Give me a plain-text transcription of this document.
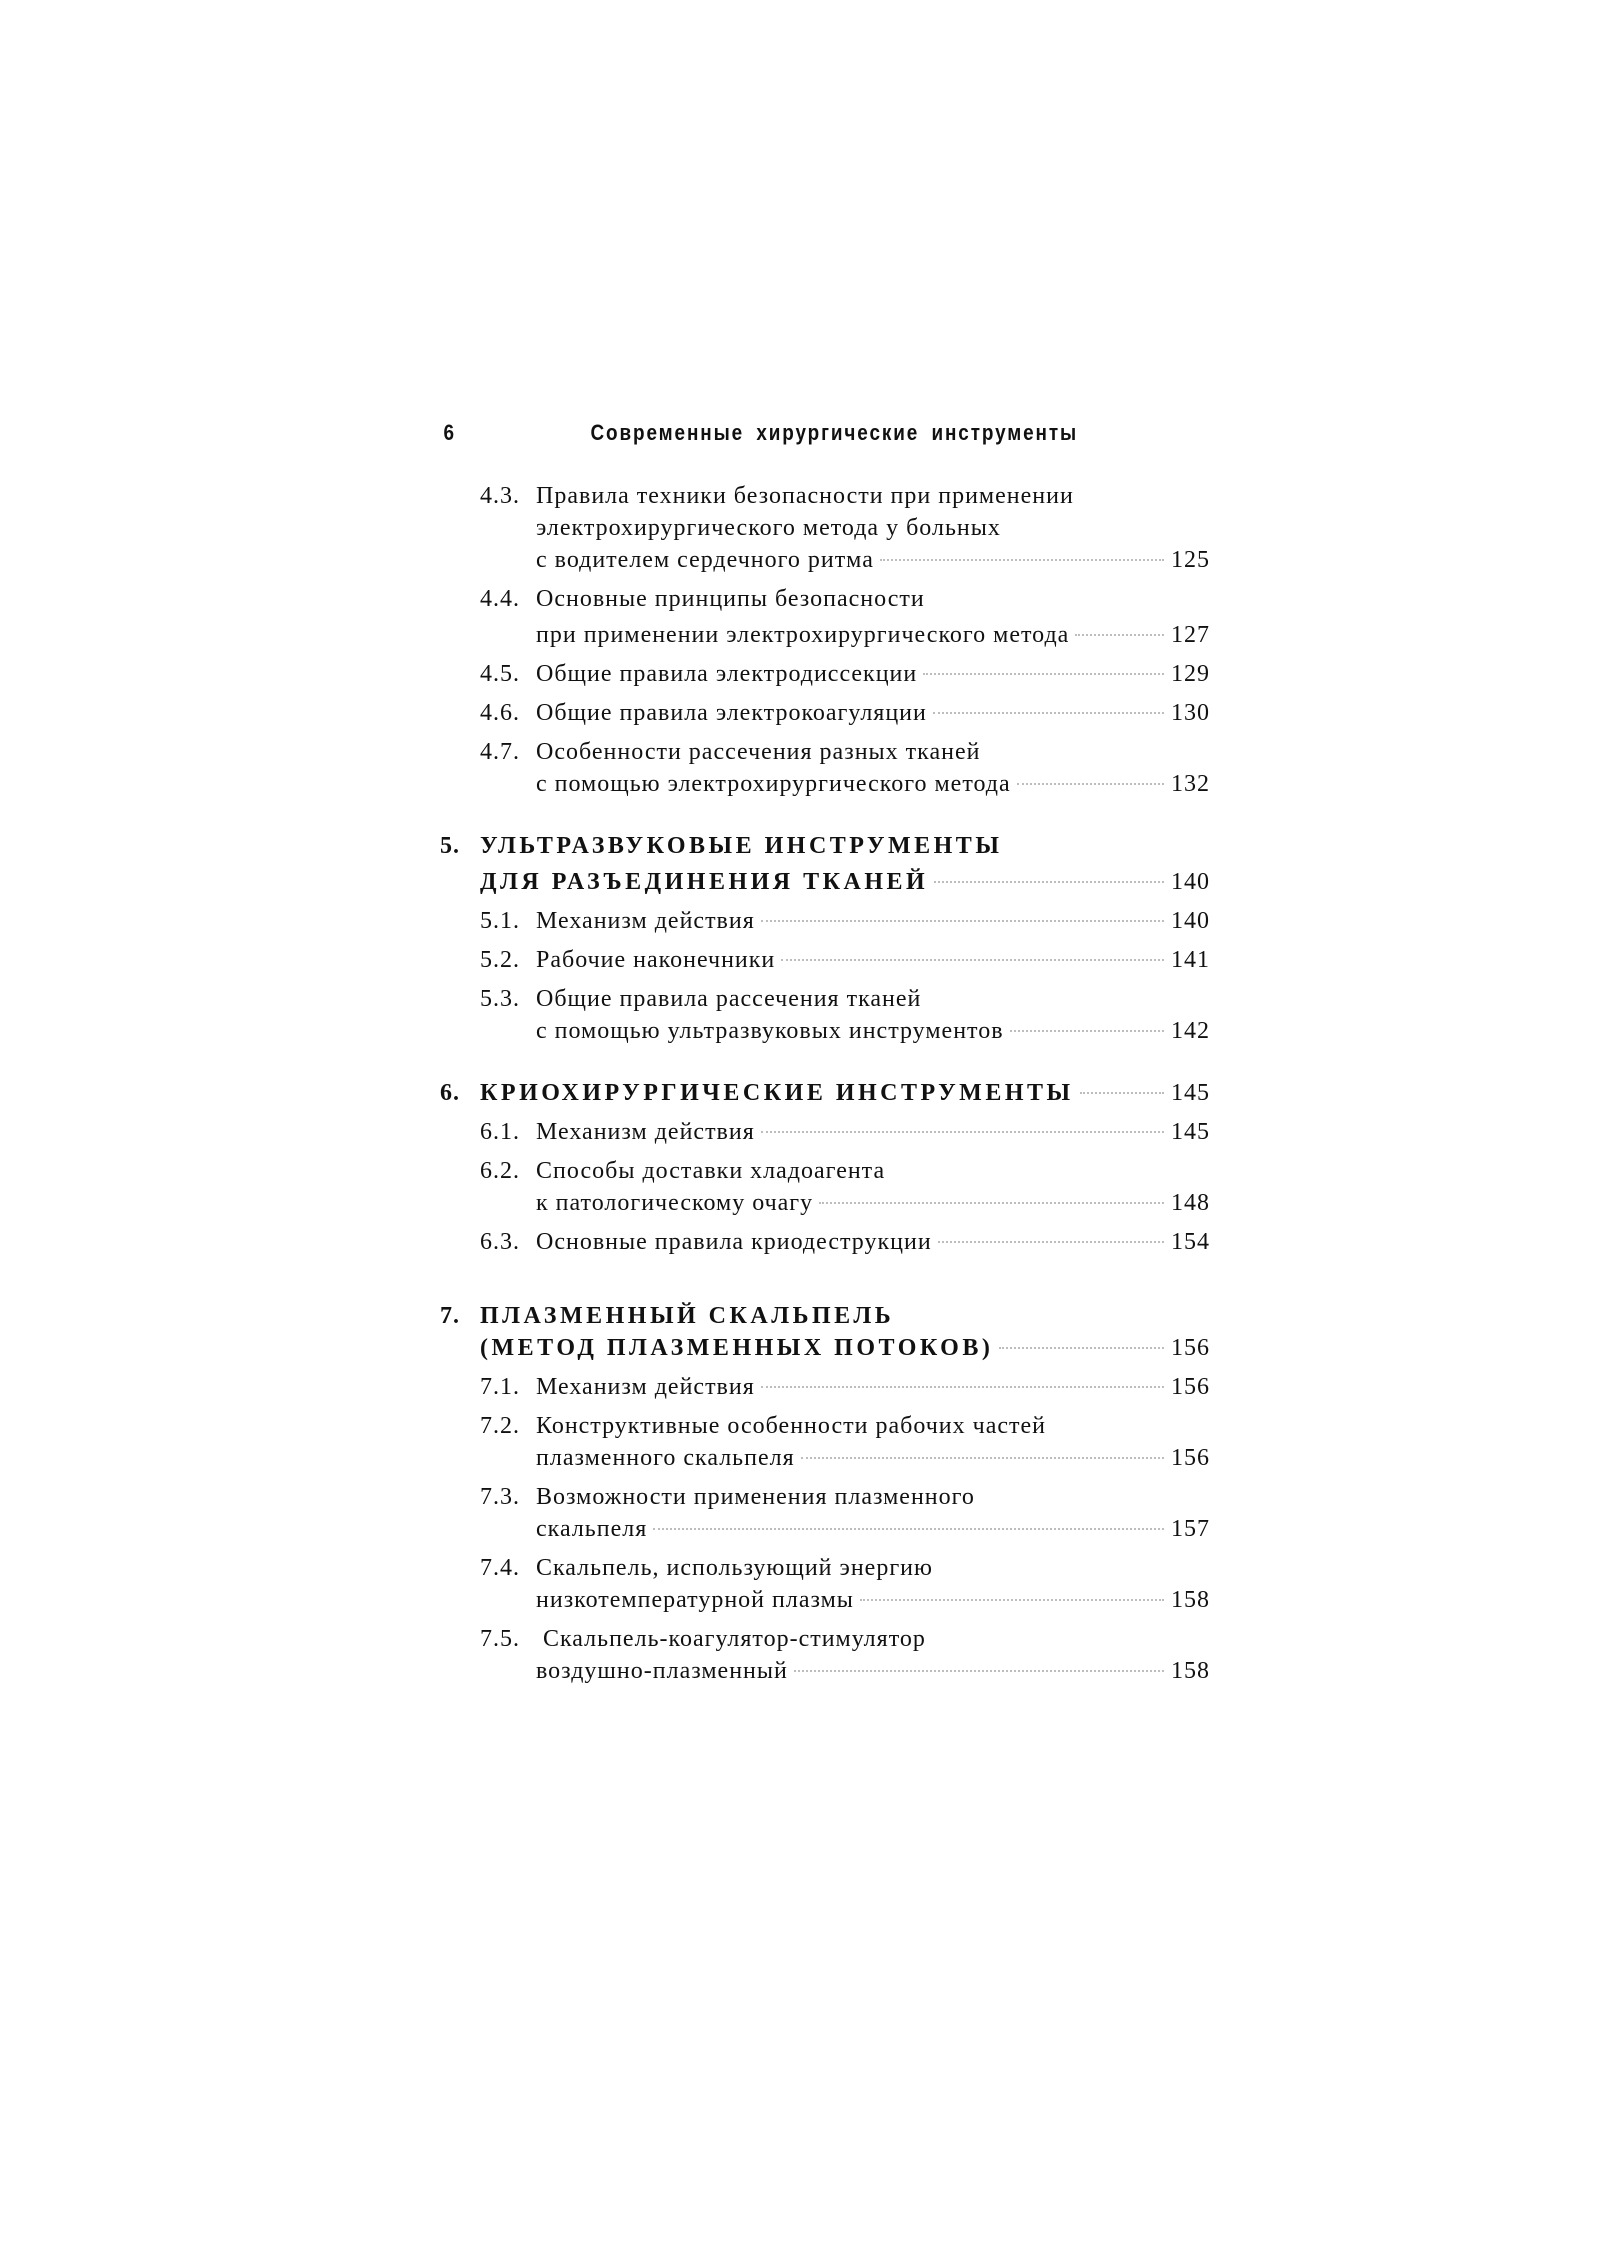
6	Современные хирургические инструменты
4.3. Правила техники безопасности при применении
электрохирургического метода у больных
с водителем сердечного ритма	125
4.4. Основные принципы безопасности
при применении электрохирургического метода	127
4.5. Общие правила электродиссекции	129
4.6. Общие правила электрокоагуляции	130
4.7. Особенности рассечения разных тканей
с помощью электрохирургического метода	132
5. УЛЬТРАЗВУКОВЫЕ ИНСТРУМЕНТЫ
ДЛЯ РАЗЪЕДИНЕНИЯ ТКАНЕЙ	140
5.1. Механизм действия	140
5.2. Рабочие наконечники	141
5.3. Общие правила рассечения тканей
с помощью ультразвуковых инструментов	142
6. КРИОХИРУРГИЧЕСКИЕ ИНСТРУМЕНТЫ	145
6.1. Механизм действия	145
6.2. Способы доставки хладоагента
к патологическому очагу	148
6.3. Основные правила криодеструкции	154
7. ПЛАЗМЕННЫЙ СКАЛЬПЕЛЬ
(МЕТОД ПЛАЗМЕННЫХ ПОТОКОВ)	156
7.1. Механизм действия	156
7.2. Конструктивные особенности рабочих частей
плазменного скальпеля	156
7.3. Возможности применения плазменного
скальпеля	157
7.4. Скальпель, использующий энергию
низкотемпературной плазмы	158
7.5. Скальпель-коагулятор-стимулятор
воздушно-плазменный	158
